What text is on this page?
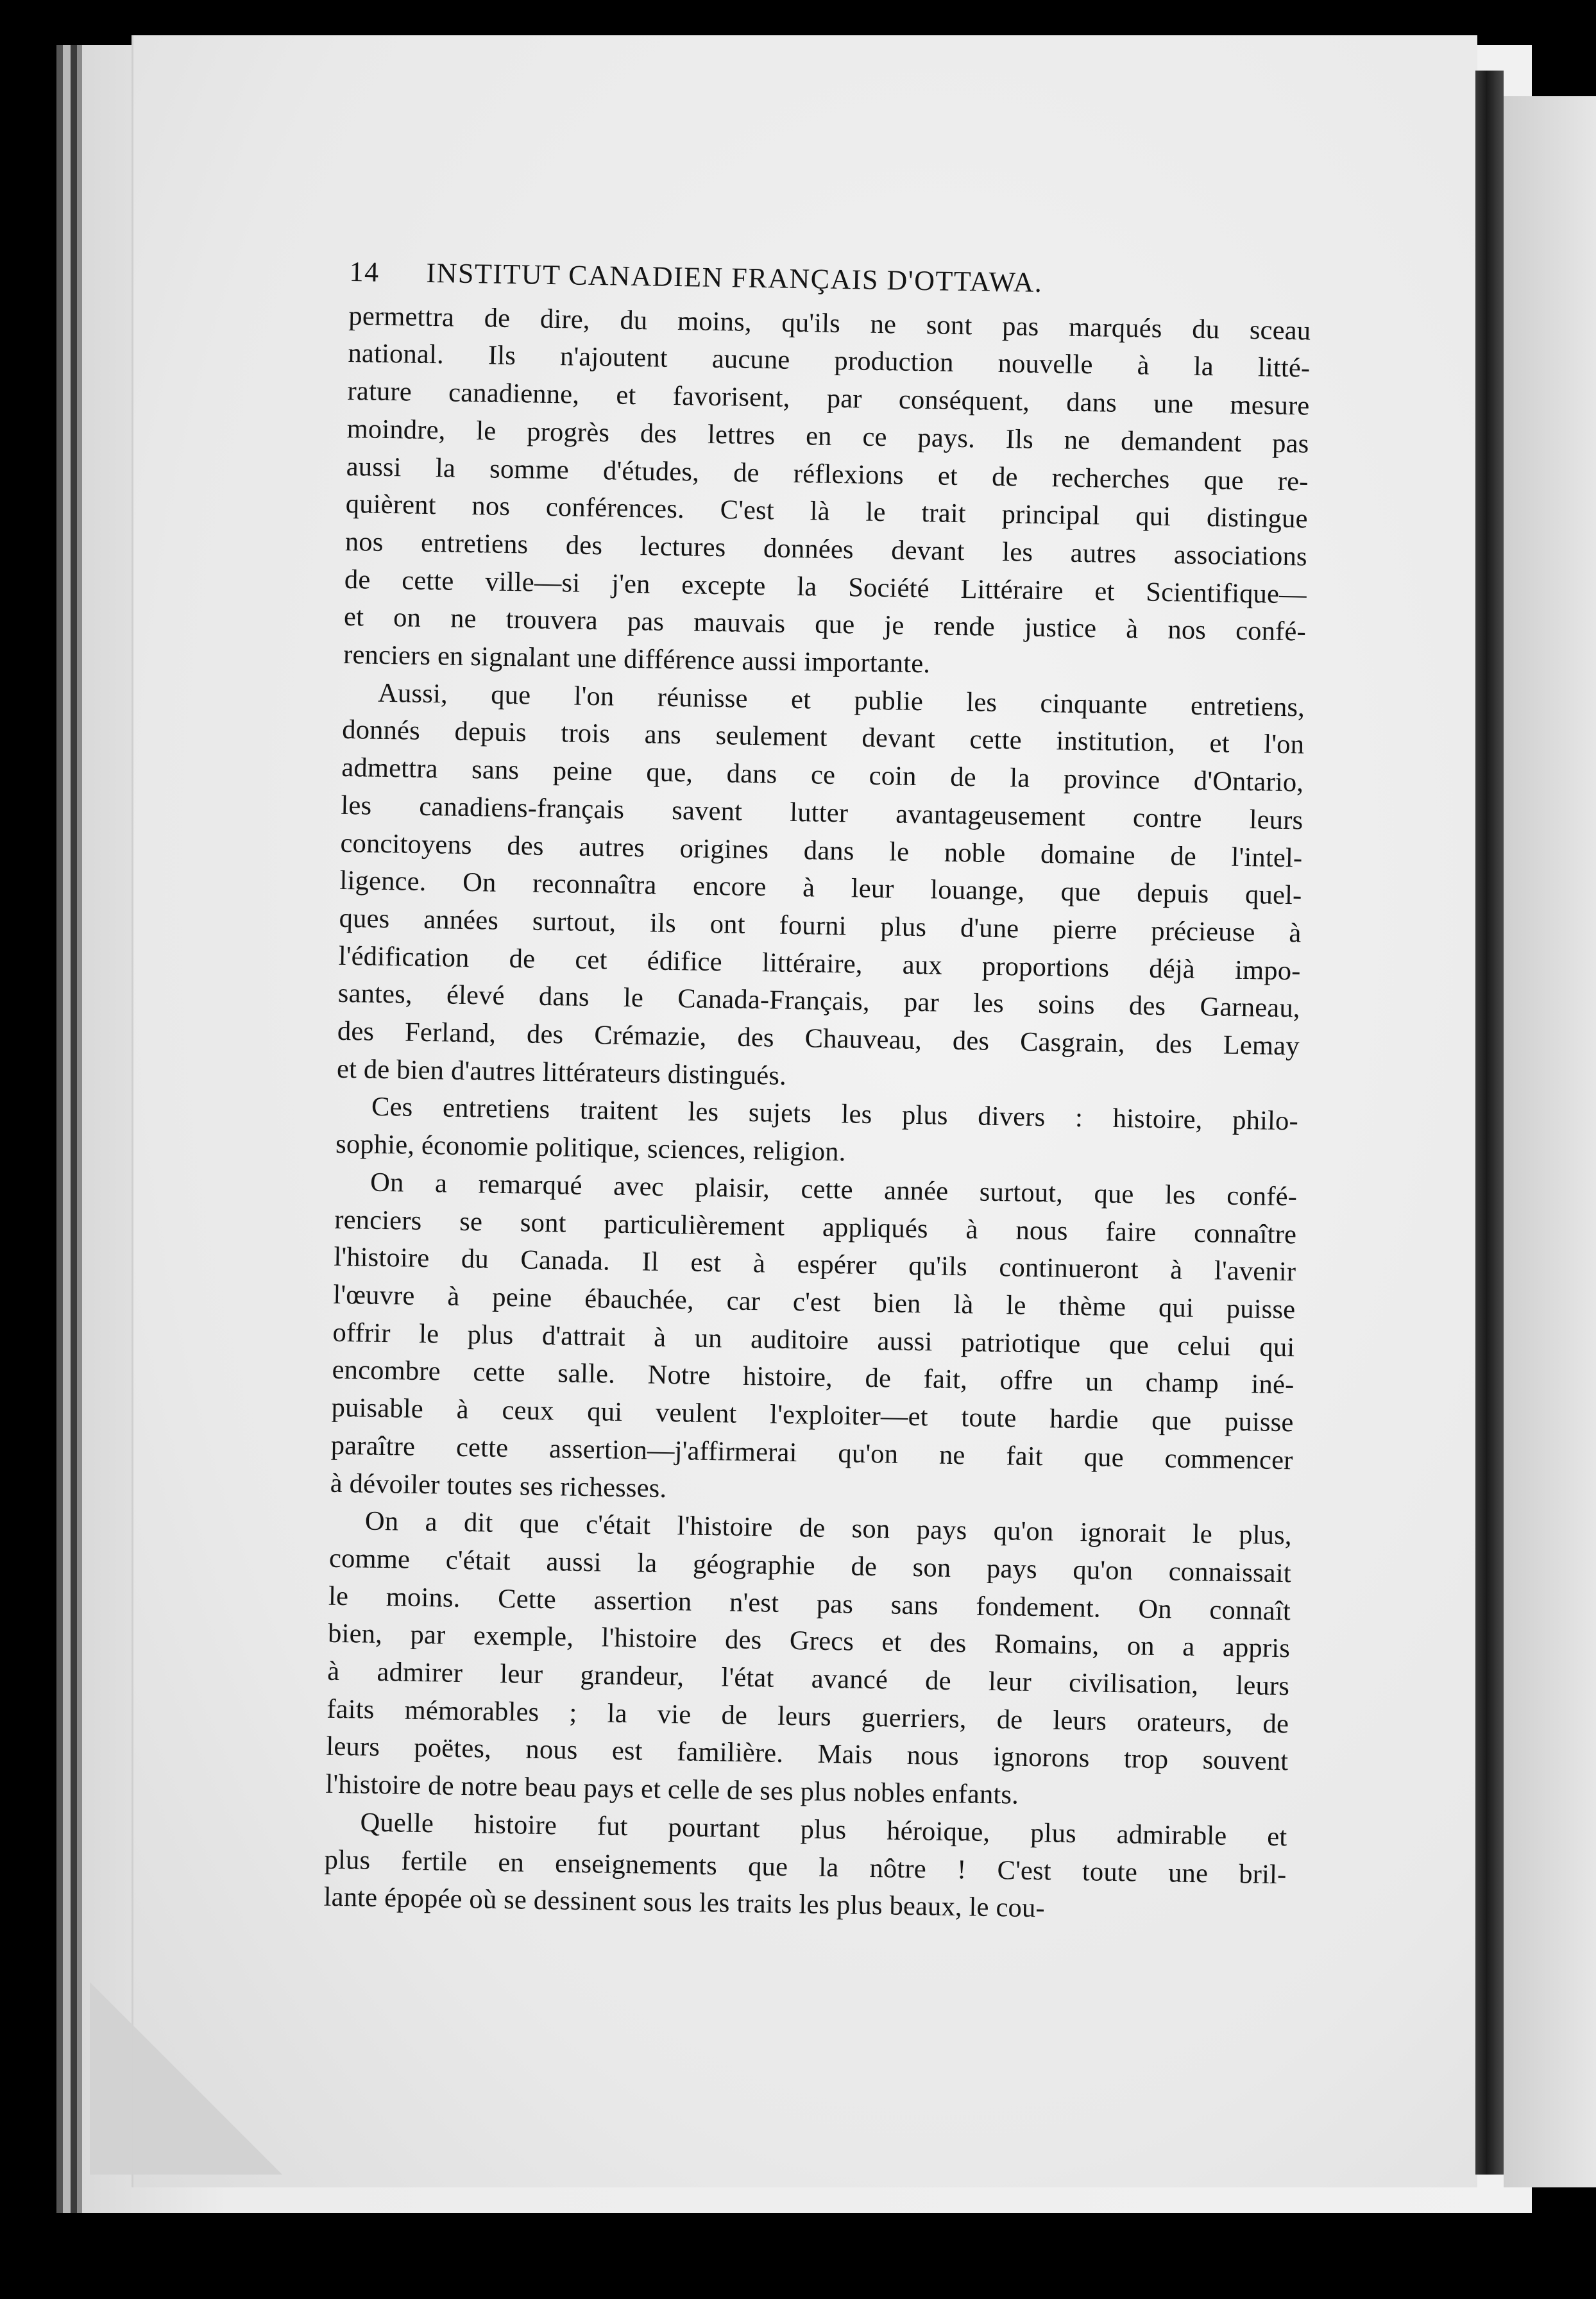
14	INSTITUT CANADIEN FRANÇAIS D'OTTAWA.

permettra de dire, du moins, qu'ils ne sont pas marqués du sceau
national. Ils n'ajoutent aucune production nouvelle à la litté-
rature canadienne, et favorisent, par conséquent, dans une mesure
moindre, le progrès des lettres en ce pays. Ils ne demandent pas
aussi la somme d'études, de réflexions et de recherches que re-
quièrent nos conférences. C'est là le trait principal qui distingue
nos entretiens des lectures données devant les autres associations
de cette ville—si j'en excepte la Société Littéraire et Scientifique—
et on ne trouvera pas mauvais que je rende justice à nos confé-
renciers en signalant une différence aussi importante.

Aussi, que l'on réunisse et publie les cinquante entretiens,
donnés depuis trois ans seulement devant cette institution, et l'on
admettra sans peine que, dans ce coin de la province d'Ontario,
les canadiens-français savent lutter avantageusement contre leurs
concitoyens des autres origines dans le noble domaine de l'intel-
ligence. On reconnaîtra encore à leur louange, que depuis quel-
ques années surtout, ils ont fourni plus d'une pierre précieuse à
l'édification de cet édifice littéraire, aux proportions déjà impo-
santes, élevé dans le Canada-Français, par les soins des Garneau,
des Ferland, des Crémazie, des Chauveau, des Casgrain, des Lemay
et de bien d'autres littérateurs distingués.

Ces entretiens traitent les sujets les plus divers : histoire, philo-
sophie, économie politique, sciences, religion.

On a remarqué avec plaisir, cette année surtout, que les confé-
renciers se sont particulièrement appliqués à nous faire connaître
l'histoire du Canada. Il est à espérer qu'ils continueront à l'avenir
l'œuvre à peine ébauchée, car c'est bien là le thème qui puisse
offrir le plus d'attrait à un auditoire aussi patriotique que celui qui
encombre cette salle. Notre histoire, de fait, offre un champ iné-
puisable à ceux qui veulent l'exploiter—et toute hardie que puisse
paraître cette assertion—j'affirmerai qu'on ne fait que commencer
à dévoiler toutes ses richesses.

On a dit que c'était l'histoire de son pays qu'on ignorait le plus,
comme c'était aussi la géographie de son pays qu'on connaissait
le moins. Cette assertion n'est pas sans fondement. On connaît
bien, par exemple, l'histoire des Grecs et des Romains, on a appris
à admirer leur grandeur, l'état avancé de leur civilisation, leurs
faits mémorables ; la vie de leurs guerriers, de leurs orateurs, de
leurs poëtes, nous est familière. Mais nous ignorons trop souvent
l'histoire de notre beau pays et celle de ses plus nobles enfants.

Quelle histoire fut pourtant plus héroique, plus admirable et
plus fertile en enseignements que la nôtre ! C'est toute une bril-
lante épopée où se dessinent sous les traits les plus beaux, le cou-
